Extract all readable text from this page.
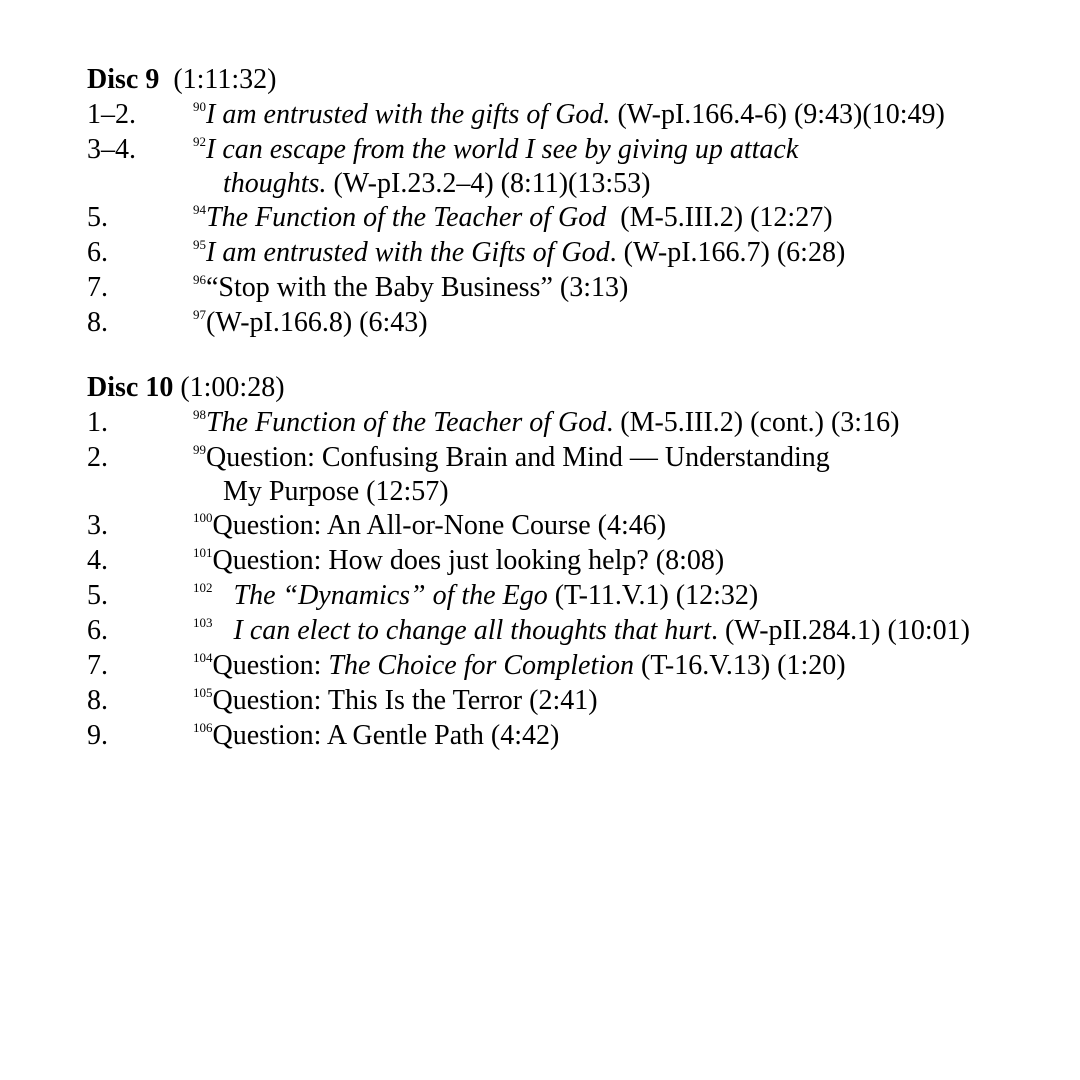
Disc 9 (1:11:32)
1–2.	$^{90}$I am entrusted with the gifts of God. (W-pI.166.4-6) (9:43)(10:49)
3–4.	$^{92}$I can escape from the world I see by giving up attack
thoughts. (W-pI.23.2–4) (8:11)(13:53)
5.	$^{94}$The Function of the Teacher of God  (M-5.III.2) (12:27)
6.	$^{95}$I am entrusted with the Gifts of God. (W-pI.166.7) (6:28)
7.	$^{96}$“Stop with the Baby Business” (3:13)
8.	$^{97}$(W-pI.166.8) (6:43)
Disc 10 (1:00:28)
1.	$^{98}$The Function of the Teacher of God. (M-5.III.2) (cont.) (3:16)
2.	$^{99}$Question: Confusing Brain and Mind — Understanding
My Purpose (12:57)
3.	$^{100}$Question: An All-or-None Course (4:46)
4.	$^{101}$Question: How does just looking help? (8:08)
5.	$^{102}$ The “Dynamics” of the Ego (T-11.V.1) (12:32)
6.	$^{103}$ I can elect to change all thoughts that hurt. (W-pII.284.1) (10:01)
7.	$^{104}$Question: The Choice for Completion (T-16.V.13) (1:20)
8.	$^{105}$Question: This Is the Terror (2:41)
9.	$^{106}$Question: A Gentle Path (4:42)
